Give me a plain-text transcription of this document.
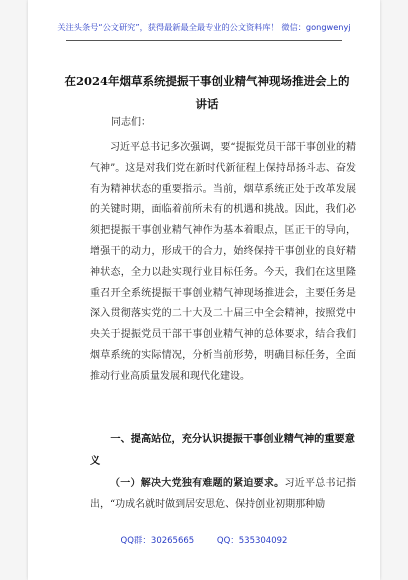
关注头条号“公文研究”，获得最新最全最专业的公文资料库！ 微信：gongwenyj
在2024年烟草系统提振干事创业精气神现场推进会上的讲话
同志们：
习近平总书记多次强调，要“提振党员干部干事创业的精气神”。这是对我们党在新时代新征程上保持昂扬斗志、奋发有为精神状态的重要指示。当前，烟草系统正处于改革发展的关键时期，面临着前所未有的机遇和挑战。因此，我们必须把提振干事创业精气神作为基本着眼点，匡正干的导向，增强干的动力，形成干的合力，始终保持干事创业的良好精神状态，全力以赴实现行业目标任务。今天，我们在这里隆重召开全系统提振干事创业精气神现场推进会，主要任务是深入贯彻落实党的二十大及二十届三中全会精神，按照党中央关于提振党员干部干事创业精气神的总体要求，结合我们烟草系统的实际情况，分析当前形势，明确目标任务，全面推动行业高质量发展和现代化建设。
一、提高站位，充分认识提振干事创业精气神的重要意义
（一）解决大党独有难题的紧迫要求。习近平总书记指出，“功成名就时做到居安思危、保持创业初期那种励
QQ群：30265665	QQ：535304092
